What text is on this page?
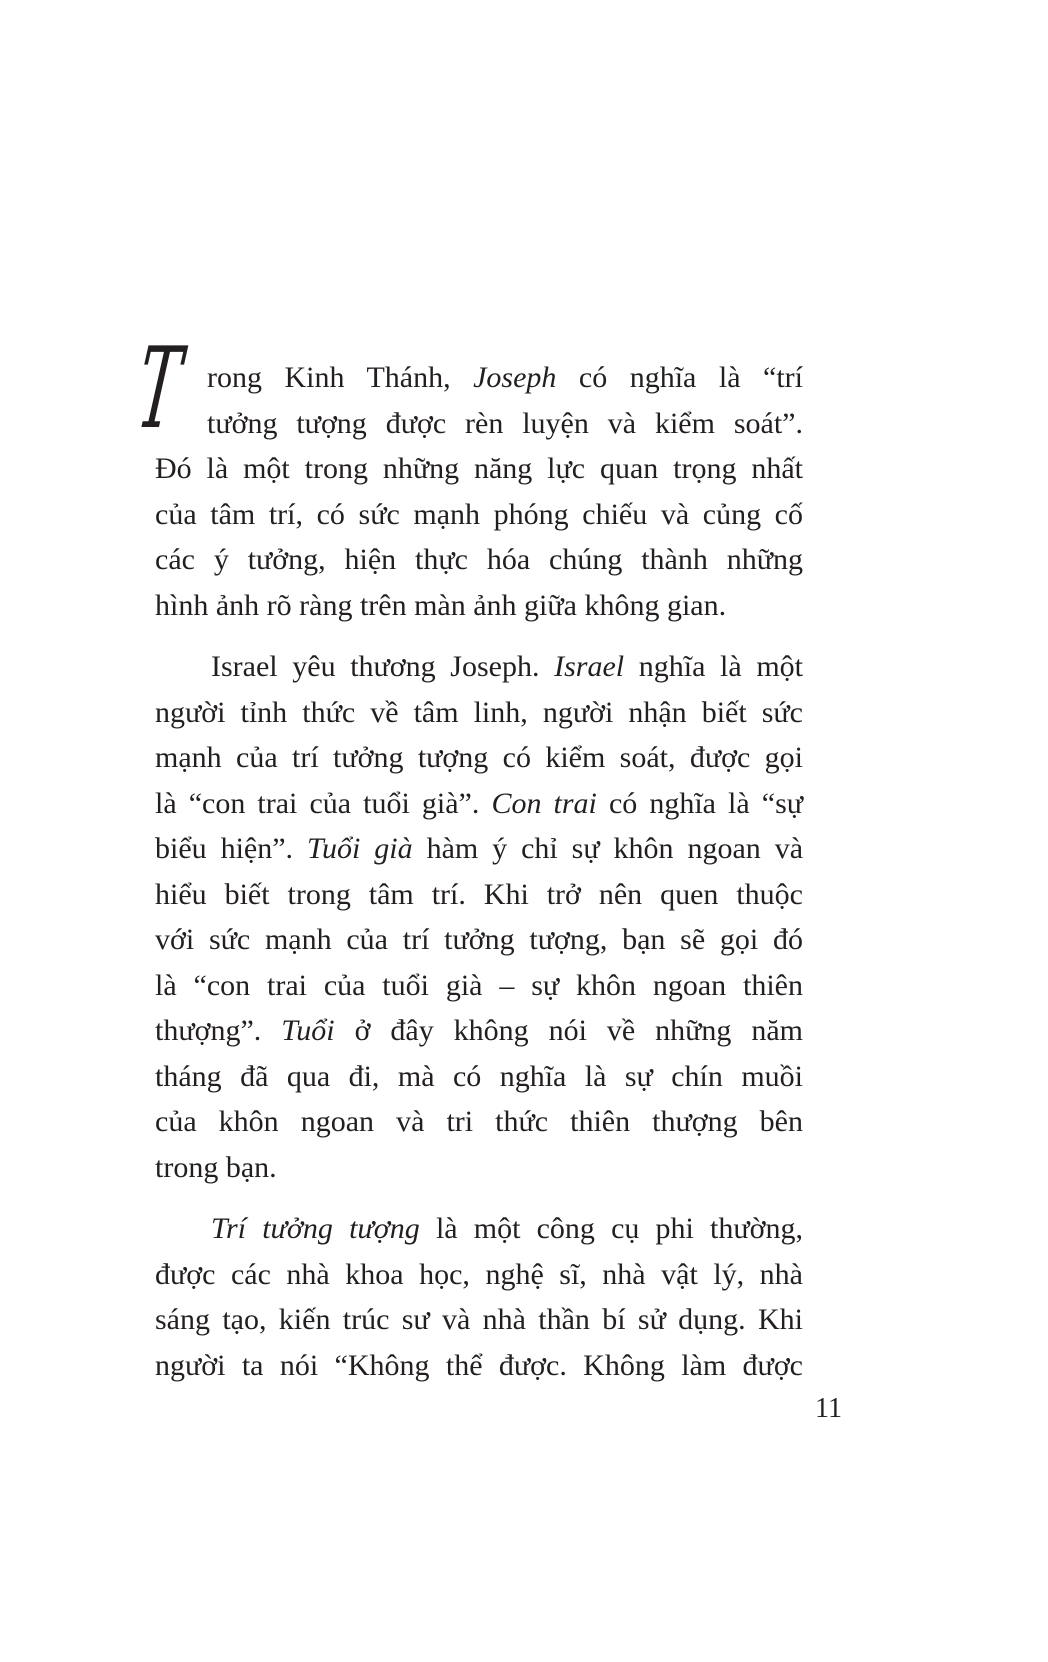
T rong Kinh Thánh, Joseph có nghĩa là “trí
tưởng tượng được rèn luyện và kiểm soát”.
Đó là một trong những năng lực quan trọng nhất
của tâm trí, có sức mạnh phóng chiếu và củng cố
các ý tưởng, hiện thực hóa chúng thành những
hình ảnh rõ ràng trên màn ảnh giữa không gian.
Israel yêu thương Joseph. Israel nghĩa là một
người tỉnh thức về tâm linh, người nhận biết sức
mạnh của trí tưởng tượng có kiểm soát, được gọi
là “con trai của tuổi già”. Con trai có nghĩa là “sự
biểu hiện”. Tuổi già hàm ý chỉ sự khôn ngoan và
hiểu biết trong tâm trí. Khi trở nên quen thuộc
với sức mạnh của trí tưởng tượng, bạn sẽ gọi đó
là “con trai của tuổi già – sự khôn ngoan thiên
thượng”. Tuổi ở đây không nói về những năm
tháng đã qua đi, mà có nghĩa là sự chín muồi
của khôn ngoan và tri thức thiên thượng bên
trong bạn.
Trí tưởng tượng là một công cụ phi thường,
được các nhà khoa học, nghệ sĩ, nhà vật lý, nhà
sáng tạo, kiến trúc sư và nhà thần bí sử dụng. Khi
người ta nói “Không thể được. Không làm được
11
